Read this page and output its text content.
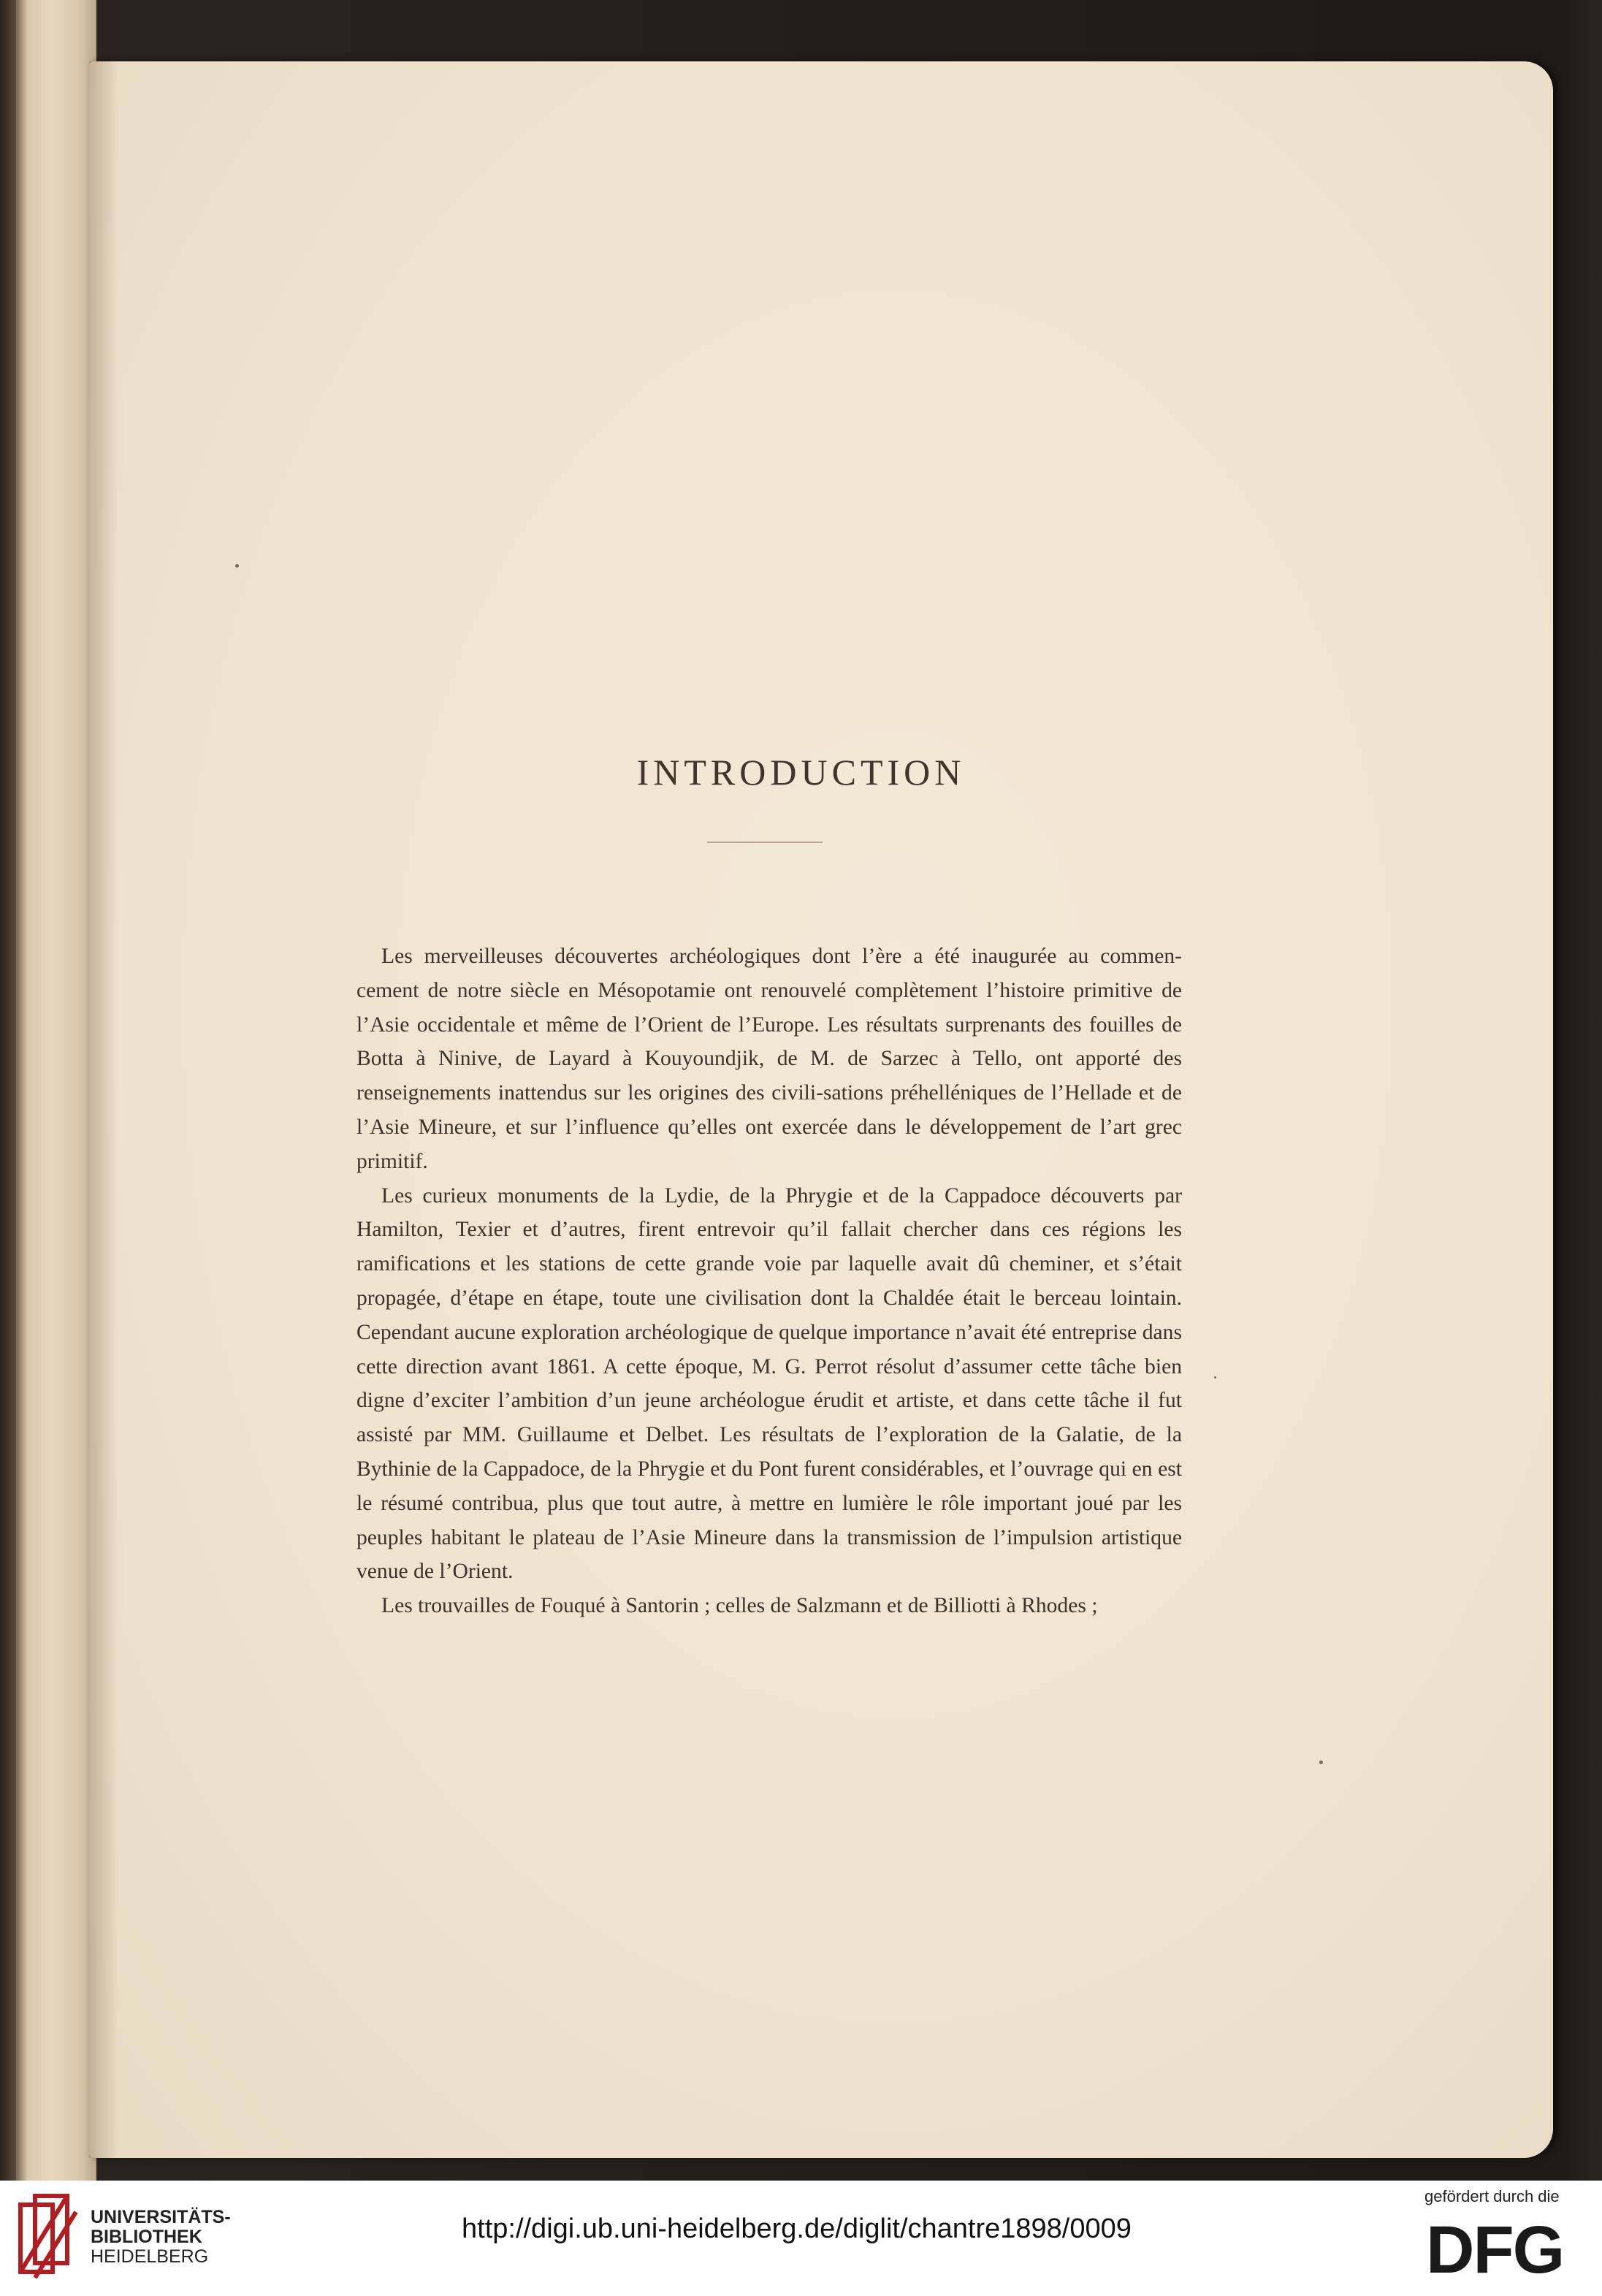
INTRODUCTION

Les merveilleuses découvertes archéologiques dont l’ère a été inaugurée au commen-cement de notre siècle en Mésopotamie ont renouvelé complètement l’histoire primitive de l’Asie occidentale et même de l’Orient de l’Europe. Les résultats surprenants des fouilles de Botta à Ninive, de Layard à Kouyoundjik, de M. de Sarzec à Tello, ont apporté des renseignements inattendus sur les origines des civili-sations préhelléniques de l’Hellade et de l’Asie Mineure, et sur l’influence qu’elles ont exercée dans le développement de l’art grec primitif.

Les curieux monuments de la Lydie, de la Phrygie et de la Cappadoce découverts par Hamilton, Texier et d’autres, firent entrevoir qu’il fallait chercher dans ces régions les ramifications et les stations de cette grande voie par laquelle avait dû cheminer, et s’était propagée, d’étape en étape, toute une civilisation dont la Chaldée était le berceau lointain. Cependant aucune exploration archéologique de quelque importance n’avait été entreprise dans cette direction avant 1861. A cette époque, M. G. Perrot résolut d’assumer cette tâche bien digne d’exciter l’ambition d’un jeune archéologue érudit et artiste, et dans cette tâche il fut assisté par MM. Guillaume et Delbet. Les résultats de l’exploration de la Galatie, de la Bythinie de la Cappadoce, de la Phrygie et du Pont furent considérables, et l’ouvrage qui en est le résumé contribua, plus que tout autre, à mettre en lumière le rôle important joué par les peuples habitant le plateau de l’Asie Mineure dans la transmission de l’impulsion artistique venue de l’Orient.

Les trouvailles de Fouqué à Santorin ; celles de Salzmann et de Billiotti à Rhodes ;

UNIVERSITÄTS-
BIBLIOTHEK
HEIDELBERG
http://digi.ub.uni-heidelberg.de/diglit/chantre1898/0009
gefördert durch die
DFG
